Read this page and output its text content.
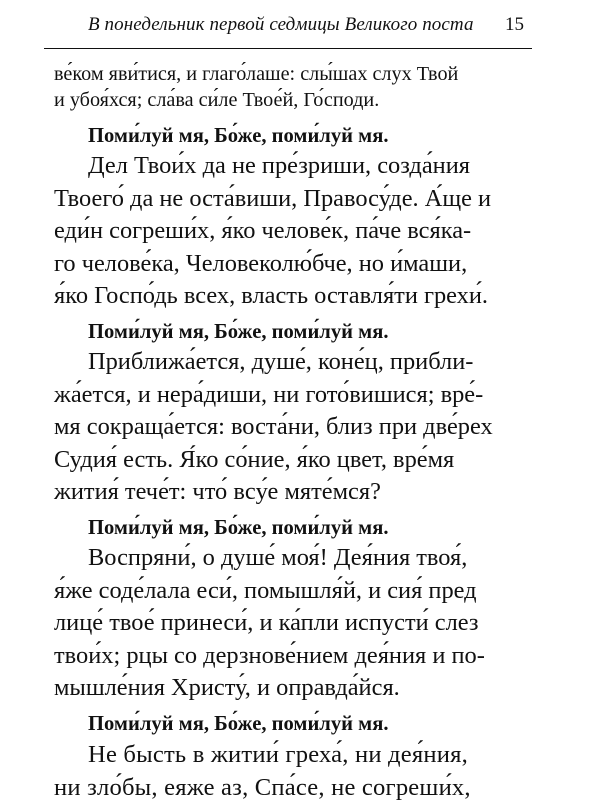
В понедельник первой седмицы Великого поста 15
ве́ком яви́тися, и глаго́лаше: слы́шах слух Твой
и убоя́хся; сла́ва си́ле Твое́й, Го́споди.
Поми́луй мя, Бо́же, поми́луй мя.
Дел Твои́х да не пре́зриши, созда́ния
Твоего́ да не оста́виши, Правосу́де. А́ще и
еди́н согреши́х, я́ко челове́к, па́че вся́ка-
го челове́ка, Человеколю́бче, но и́маши,
я́ко Госпо́дь всех, власть оставля́ти грехи́.
Поми́луй мя, Бо́же, поми́луй мя.
Приближа́ется, душе́, коне́ц, прибли-
жа́ется, и нера́диши, ни гото́вишися; вре́-
мя сокраща́ется: воста́ни, близ при две́рех
Судия́ есть. Я́ко со́ние, я́ко цвет, вре́мя
жития́ тече́т: что́ вcу́е мяте́мся?
Поми́луй мя, Бо́же, поми́луй мя.
Воспряни́, о душе́ моя́! Дея́ния твоя́,
я́же соде́лала еси́, помышля́й, и сия́ пред
лице́ твое́ принеси́, и ка́пли испусти́ слез
твои́х; рцы со дерзнове́нием дея́ния и по-
мышле́ния Христу́, и оправда́йся.
Поми́луй мя, Бо́же, поми́луй мя.
Не бысть в житии́ греха́, ни дея́ния,
ни зло́бы, еяже аз, Спа́се, не согреши́х,
